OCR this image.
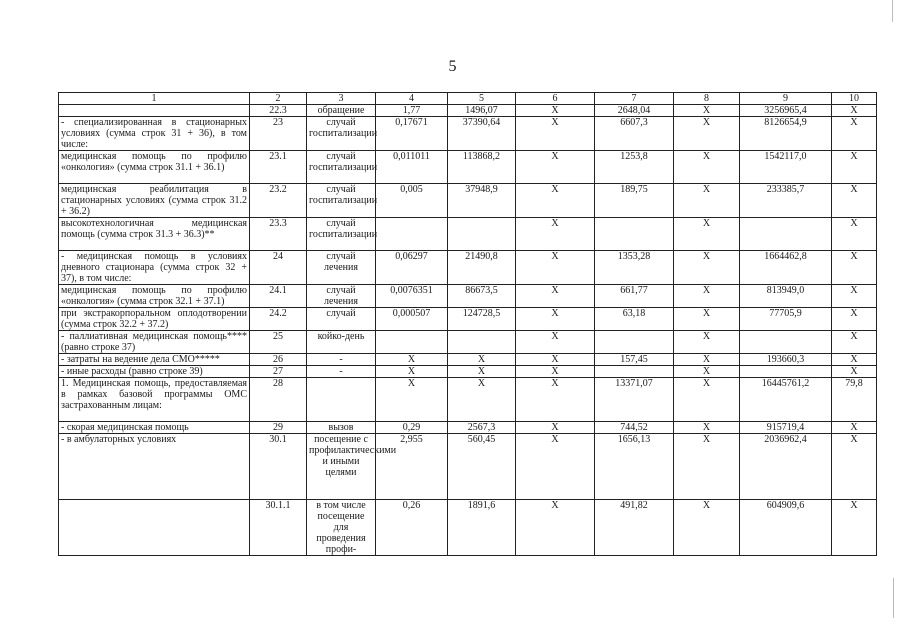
5
1	2	3	4	5	6	7	8	9	10
	22.3	обращение	1,77	1496,07	Х	2648,04	Х	3256965,4	Х
- специализированная в стационарных условиях (сумма строк 31 + 36), в том числе:	23	случай госпитализации	0,17671	37390,64	Х	6607,3	Х	8126654,9	Х
медицинская помощь по профилю «онкология» (сумма строк 31.1 + 36.1)	23.1	случай госпитализации	0,011011	113868,2	Х	1253,8	Х	1542117,0	Х
медицинская реабилитация в стационарных условиях (сумма строк 31.2 + 36.2)	23.2	случай госпитализации	0,005	37948,9	Х	189,75	Х	233385,7	Х
высокотехнологичная медицинская помощь (сумма строк 31.3 + 36.3)**	23.3	случай госпитализации			Х		Х		Х
- медицинская помощь в условиях дневного стационара (сумма строк 32 + 37), в том числе:	24	случай лечения	0,06297	21490,8	Х	1353,28	Х	1664462,8	Х
медицинская помощь по профилю «онкология» (сумма строк 32.1 + 37.1)	24.1	случай лечения	0,0076351	86673,5	Х	661,77	Х	813949,0	Х
при экстракорпоральном оплодотворении (сумма строк 32.2 + 37.2)	24.2	случай	0,000507	124728,5	Х	63,18	Х	77705,9	Х
- паллиативная медицинская помощь**** (равно строке 37)	25	койко-день			Х		Х		Х
- затраты на ведение дела СМО*****	26	-	Х	Х	Х	157,45	Х	193660,3	Х
- иные расходы (равно строке 39)	27	-	Х	Х	Х		Х		Х
1. Медицинская помощь, предоставляемая в рамках базовой программы ОМС застрахованным лицам:	28		Х	Х	Х	13371,07	Х	16445761,2	79,8
- скорая медицинская помощь	29	вызов	0,29	2567,3	Х	744,52	Х	915719,4	Х
- в амбулаторных условиях	30.1	посещение с профилактическими и иными целями	2,955	560,45	Х	1656,13	Х	2036962,4	Х
	30.1.1	в том числе посещение для проведения профи-	0,26	1891,6	Х	491,82	Х	604909,6	Х
